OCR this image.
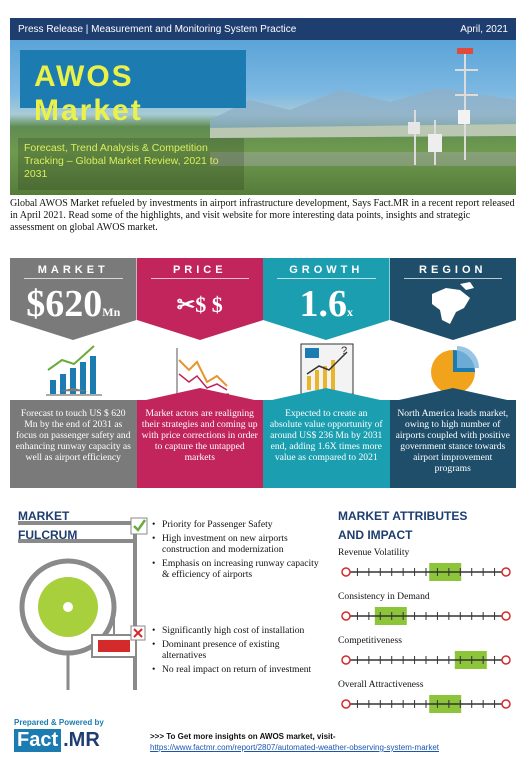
Press Release | Measurement and Monitoring System Practice	April, 2021
AWOS Market
Forecast, Trend Analysis & Competition Tracking – Global Market Review, 2021 to 2031

Global AWOS Market refueled by investments in airport infrastructure development, Says Fact.MR in a recent report released in April 2021. Read some of the highlights, and visit website for more interesting data points, insights and strategic assessment on global AWOS market.

MARKET
$620Mn
Forecast to touch US $ 620 Mn by the end of 2031 as focus on passenger safety and enhancing runway capacity as well as airport efficiency
PRICE
✂$ $
Market actors are realigning their strategies and coming up with price corrections in order to capture the untapped markets
GROWTH
1.6x
?
Expected to create an absolute value opportunity of around US$ 236 Mn by 2031 end, adding 1.6X times more value as compared to 2021
REGION
North America leads market, owing to high number of airports coupled with positive government stance towards airport improvement programs
MARKET
FULCRUM
• Priority for Passenger Safety
• High investment on new airports construction and modernization
• Emphasis on increasing runway capacity & efficiency of airports
• Significantly high cost of installation
• Dominant presence of existing alternatives
• No real impact on return of investment
MARKET ATTRIBUTES
AND IMPACT
Revenue Volatility
Consistency in Demand
Competitiveness
Overall Attractiveness
Prepared & Powered by
Fact .MR	>>> To Get more insights on AWOS market, visit-
https://www.factmr.com/report/2807/automated-weather-observing-system-market
